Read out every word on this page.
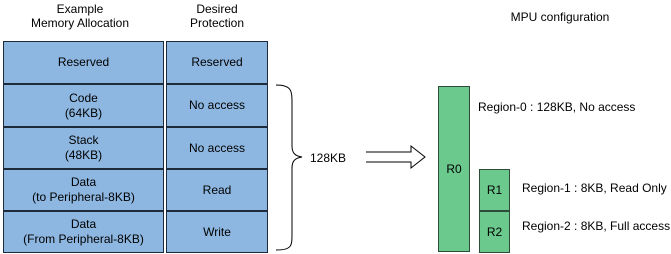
Example
Memory Allocation
Desired
Protection	MPU configuration
Reserved
Code
(64KB)
Stack
(48KB)
Data
(to Peripheral-8KB)
Data
(From Peripheral-8KB)
Reserved
No access
No access
Read
Write
128KB
R0
R1
R2
Region-0 : 128KB, No access
Region-1 : 8KB, Read Only
Region-2 : 8KB, Full access
